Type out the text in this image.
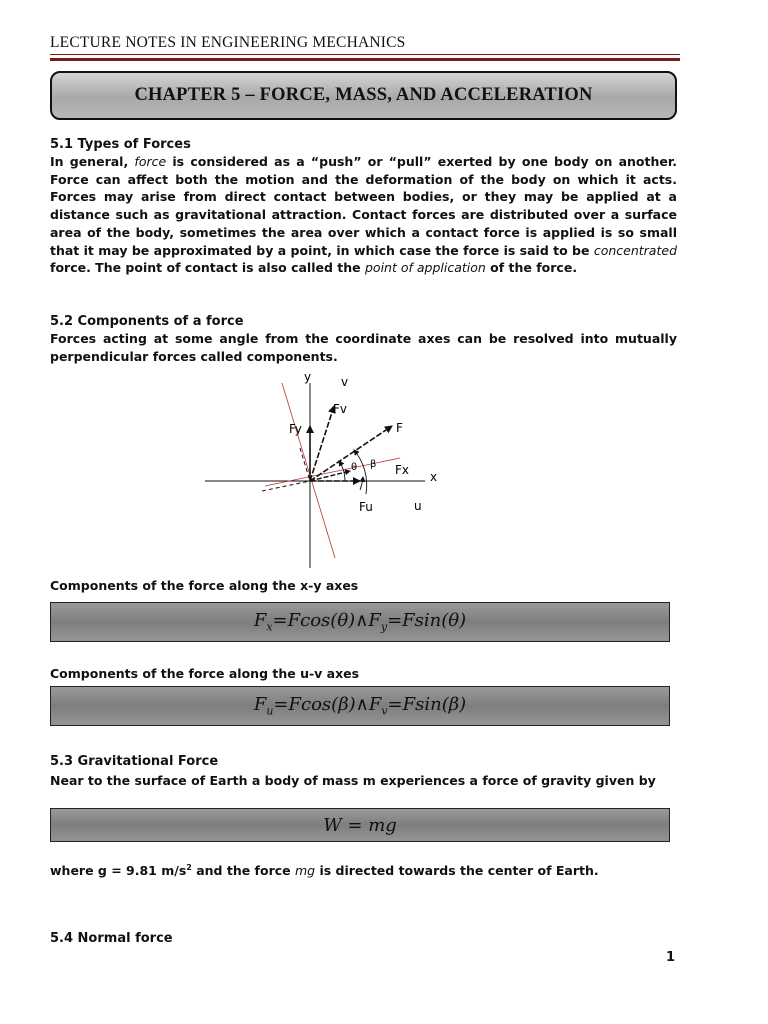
LECTURE NOTES IN ENGINEERING MECHANICS
CHAPTER 5 – FORCE, MASS, AND ACCELERATION
5.1 Types of Forces
In general, force is considered as a “push” or “pull” exerted by one body on another. Force can affect both the motion and the deformation of the body on which it acts. Forces may arise from direct contact between bodies, or they may be applied at a distance such as gravitational attraction. Contact forces are distributed over a surface area of the body, sometimes the area over which a contact force is applied is so small that it may be approximated by a point, in which case the force is said to be concentrated force. The point of contact is also called the point of application of the force.
5.2 Components of a force
Forces acting at some angle from the coordinate axes can be resolved into mutually perpendicular forces called components.
y v
Fv
Fy	F
θ β Fx x
Fu	u
Components of the force along the x-y axes
$F_x=Fcos(\theta)\wedge F_y=Fsin(\theta)$
Components of the force along the u-v axes
$F_u=Fcos(\beta)\wedge F_v=Fsin(\beta)$
5.3 Gravitational Force
Near to the surface of Earth a body of mass m experiences a force of gravity given by
W = mg
where g = 9.81 $m/s^2$ and the force mg is directed towards the center of Earth.
5.4 Normal force
1
